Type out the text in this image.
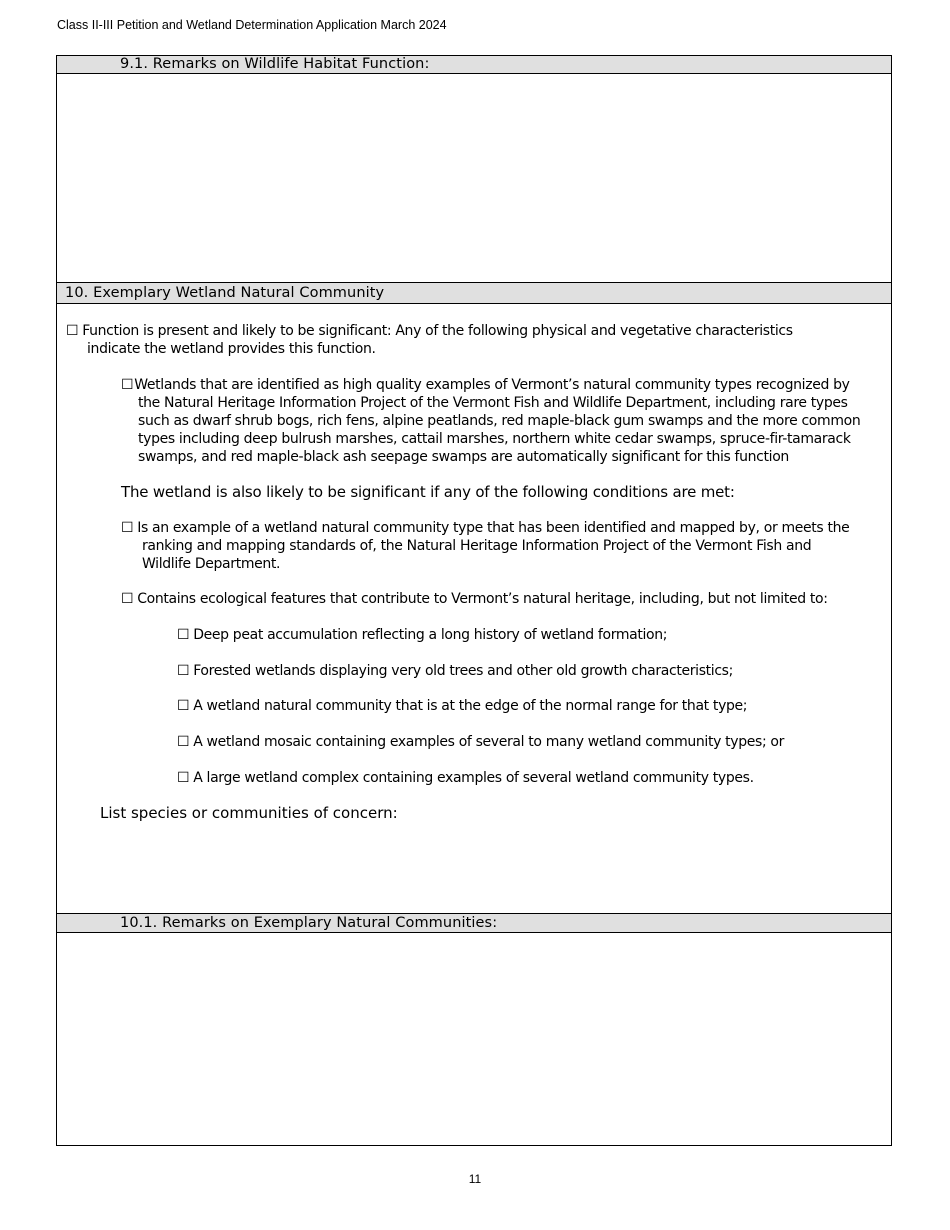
Class II-III Petition and Wetland Determination Application March 2024
9.1. Remarks on Wildlife Habitat Function:
10. Exemplary Wetland Natural Community
☐ Function is present and likely to be significant: Any of the following physical and vegetative characteristics
indicate the wetland provides this function.
☐Wetlands that are identified as high quality examples of Vermont’s natural community types recognized by
the Natural Heritage Information Project of the Vermont Fish and Wildlife Department, including rare types
such as dwarf shrub bogs, rich fens, alpine peatlands, red maple-black gum swamps and the more common
types including deep bulrush marshes, cattail marshes, northern white cedar swamps, spruce-fir-tamarack
swamps, and red maple-black ash seepage swamps are automatically significant for this function
The wetland is also likely to be significant if any of the following conditions are met:
☐ Is an example of a wetland natural community type that has been identified and mapped by, or meets the
ranking and mapping standards of, the Natural Heritage Information Project of the Vermont Fish and
Wildlife Department.
☐ Contains ecological features that contribute to Vermont’s natural heritage, including, but not limited to:
☐ Deep peat accumulation reflecting a long history of wetland formation;
☐ Forested wetlands displaying very old trees and other old growth characteristics;
☐ A wetland natural community that is at the edge of the normal range for that type;
☐ A wetland mosaic containing examples of several to many wetland community types; or
☐ A large wetland complex containing examples of several wetland community types.
List species or communities of concern:
10.1. Remarks on Exemplary Natural Communities:
11
